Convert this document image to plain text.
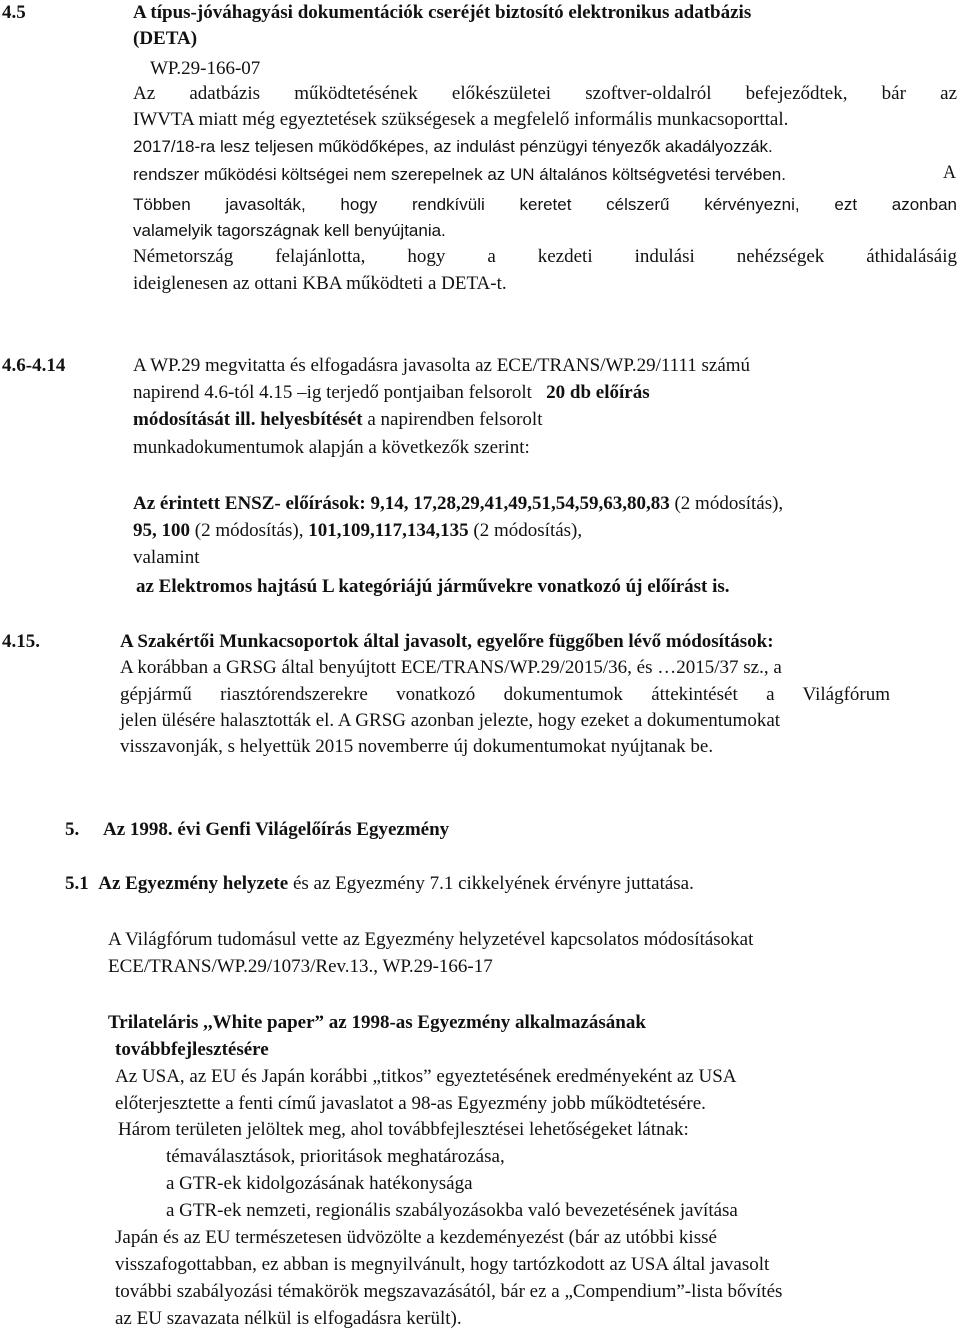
4.5	A típus-jóváhagyási dokumentációk cseréjét biztosító elektronikus adatbázis
(DETA)
WP.29-166-07
Az adatbázis működtetésének előkészületei szoftver-oldalról befejeződtek, bár az
IWVTA miatt még egyeztetések szükségesek a megfelelő informális munkacsoporttal.
2017/18-ra lesz teljesen működőképes, az indulást pénzügyi tényezők akadályozzák.
A
rendszer működési költségei nem szerepelnek az UN általános költségvetési tervében.
Többen javasolták, hogy rendkívüli keretet célszerű kérvényezni, ezt azonban
valamelyik tagországnak kell benyújtania.
Németország felajánlotta, hogy a kezdeti indulási nehézségek áthidalásáig
ideiglenesen az ottani KBA működteti a DETA-t.
4.6-4.14	A WP.29 megvitatta és elfogadásra javasolta az ECE/TRANS/WP.29/1111 számú
napirend 4.6-tól 4.15 –ig terjedő pontjaiban felsorolt 20 db előírás
módosítását ill. helyesbítését a napirendben felsorolt
munkadokumentumok alapján a következők szerint:
Az érintett ENSZ- előírások: 9,14, 17,28,29,41,49,51,54,59,63,80,83 (2 módosítás),
95, 100 (2 módosítás), 101,109,117,134,135 (2 módosítás),
valamint
az Elektromos hajtású L kategóriájú járművekre vonatkozó új előírást is.
4.15.	A Szakértői Munkacsoportok által javasolt, egyelőre függőben lévő módosítások:
A korábban a GRSG által benyújtott ECE/TRANS/WP.29/2015/36, és …2015/37 sz., a
gépjármű riasztórendszerekre vonatkozó dokumentumok áttekintését a Világfórum
jelen ülésére halasztották el. A GRSG azonban jelezte, hogy ezeket a dokumentumokat
visszavonják, s helyettük 2015 novemberre új dokumentumokat nyújtanak be.
5. Az 1998. évi Genfi Világelőírás Egyezmény
5.1 Az Egyezmény helyzete és az Egyezmény 7.1 cikkelyének érvényre juttatása.
A Világfórum tudomásul vette az Egyezmény helyzetével kapcsolatos módosításokat
ECE/TRANS/WP.29/1073/Rev.13., WP.29-166-17
Trilateláris ,,White paper” az 1998-as Egyezmény alkalmazásának
továbbfejlesztésére
Az USA, az EU és Japán korábbi „titkos” egyeztetésének eredményeként az USA
előterjesztette a fenti című javaslatot a 98-as Egyezmény jobb működtetésére.
Három területen jelöltek meg, ahol továbbfejlesztései lehetőségeket látnak:
témaválasztások, prioritások meghatározása,
a GTR-ek kidolgozásának hatékonysága
a GTR-ek nemzeti, regionális szabályozásokba való bevezetésének javítása
Japán és az EU természetesen üdvözölte a kezdeményezést (bár az utóbbi kissé
visszafogottabban, ez abban is megnyilvánult, hogy tartózkodott az USA által javasolt
további szabályozási témakörök megszavazásától, bár ez a „Compendium”-lista bővítés
az EU szavazata nélkül is elfogadásra került).
